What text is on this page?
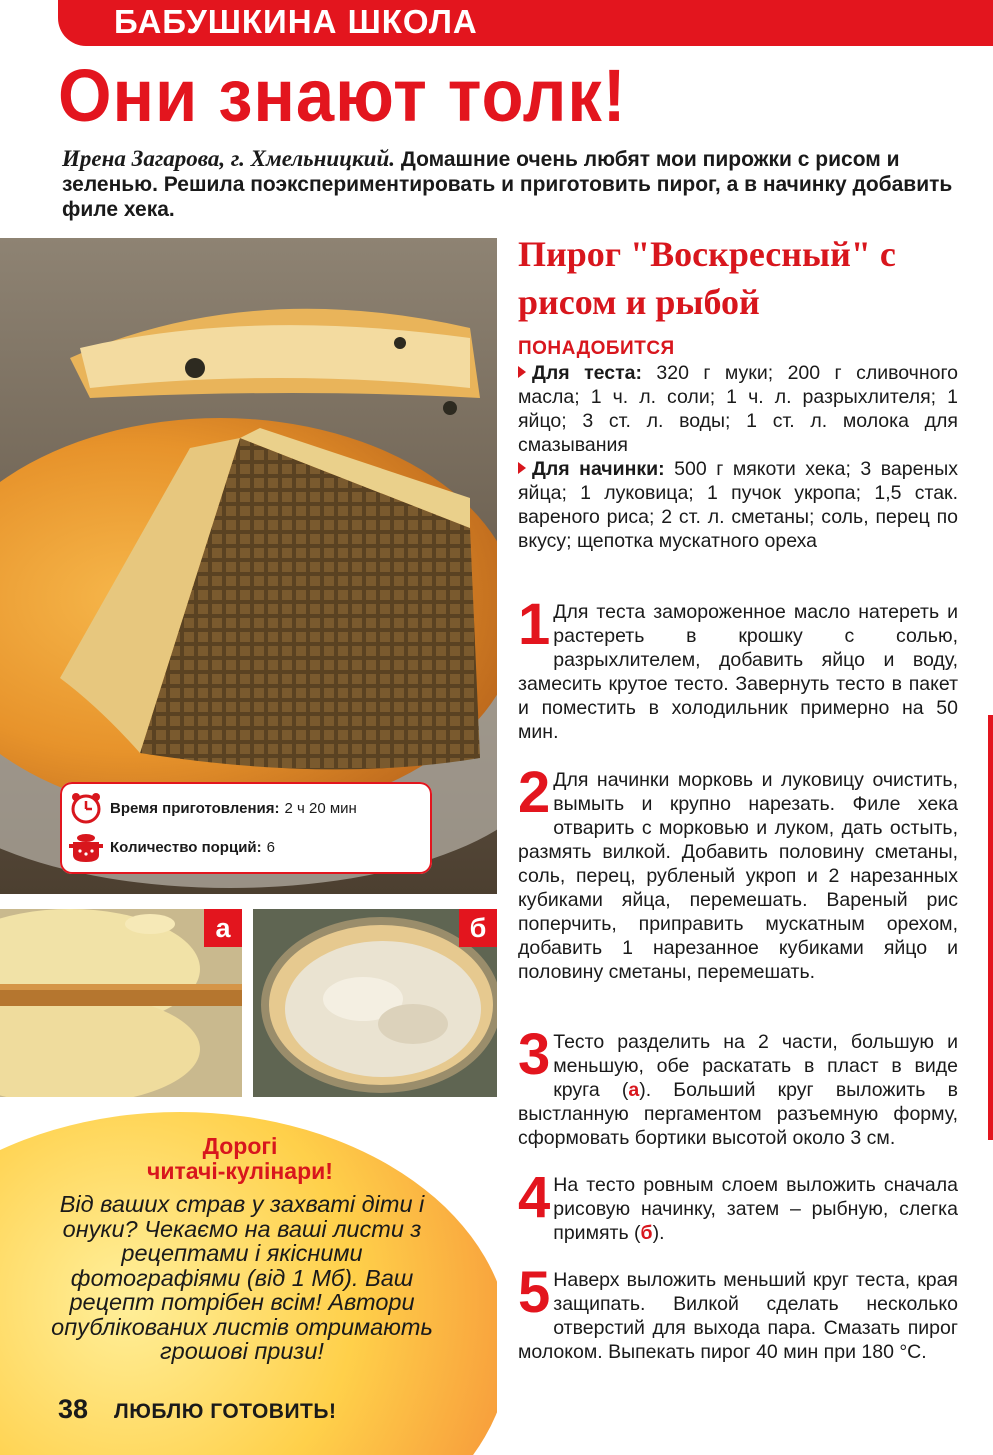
БАБУШКИНА ШКОЛА
Они знают толк!

Ирена Загарова, г. Хмельницкий. Домашние очень любят мои пирожки с рисом и зеленью. Решила поэкспериментировать и приготовить пирог, а в начинку добавить филе хека.

Время приготовления: 2 ч 20 мин
Количество порций: 6
а	б
Дорогі
читачі-кулінари!

Від ваших страв у захваті діти і онуки? Чекаємо на ваші листи з рецептами і якісними фотографіями (від 1 Мб). Ваш рецепт потрібен всім! Автори опублікованих листів отримають грошові призи!

38 ЛЮБЛЮ ГОТОВИТЬ!
Пирог "Воскресный" с рисом и рыбой
ПОНАДОБИТСЯ

Для теста: 320 г муки; 200 г сливочного масла; 1 ч. л. соли; 1 ч. л. разрыхлителя; 1 яйцо; 3 ст. л. воды; 1 ст. л. молока для смазывания

Для начинки: 500 г мякоти хека; 3 вареных яйца; 1 луковица; 1 пучок укропа; 1,5 стак. вареного риса; 2 ст. л. сметаны; соль, перец по вкусу; щепотка мускатного ореха

1 Для теста замороженное масло натереть и растереть в крошку с солью, разрыхлителем, добавить яйцо и воду, замесить крутое тесто. Завернуть тесто в пакет и поместить в холодильник примерно на 50 мин.

2 Для начинки морковь и луковицу очистить, вымыть и крупно нарезать. Филе хека отварить с морковью и луком, дать остыть, размять вилкой. Добавить половину сметаны, соль, перец, рубленый укроп и 2 нарезанных кубиками яйца, перемешать. Вареный рис поперчить, приправить мускатным орехом, добавить 1 нарезанное кубиками яйцо и половину сметаны, перемешать.

3 Тесто разделить на 2 части, большую и меньшую, обе раскатать в пласт в виде круга (а). Больший круг выложить в выстланную пергаментом разъемную форму, сформовать бортики высотой около 3 см.

4 На тесто ровным слоем выложить сначала рисовую начинку, затем – рыбную, слегка примять (б).

5 Наверх выложить меньший круг теста, края защипать. Вилкой сделать несколько отверстий для выхода пара. Смазать пирог молоком. Выпекать пирог 40 мин при 180 °С.
